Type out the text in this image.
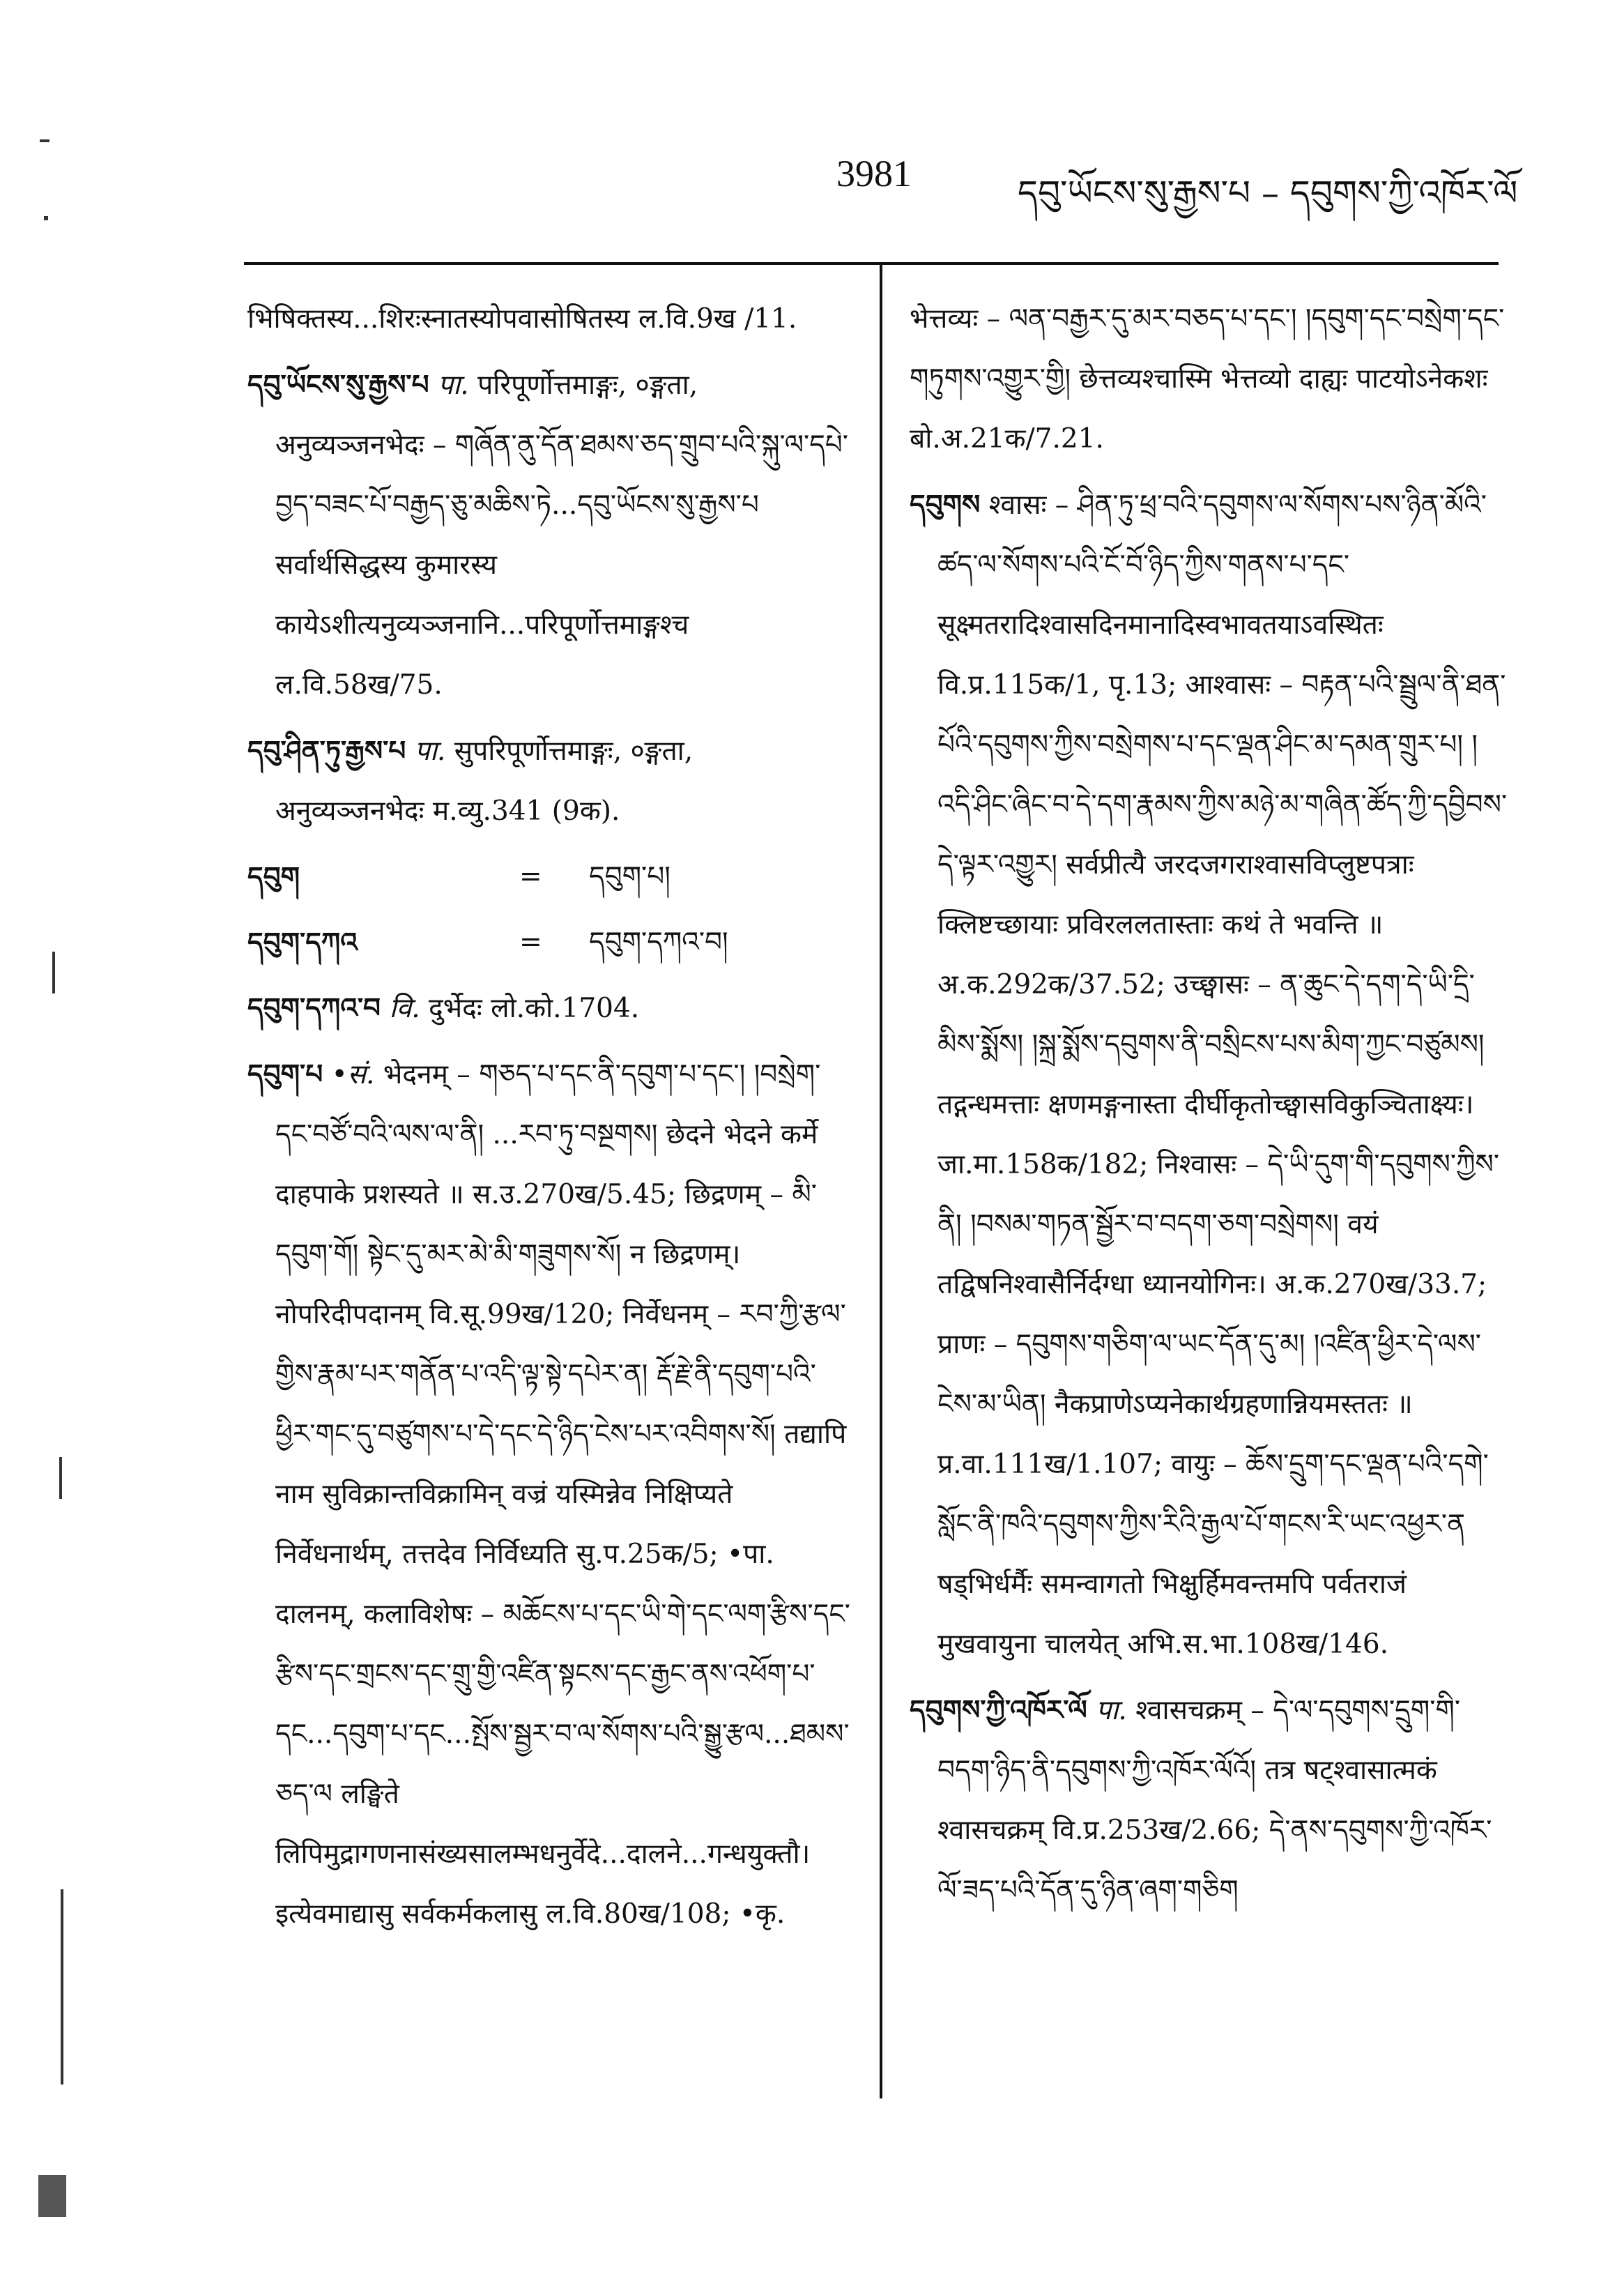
3981	དབུ་ཡོངས་སུ་རྒྱས་པ – དབུགས་ཀྱི་འཁོར་ལོ
भिषिक्तस्य...शिरःस्नातस्योपवासोषितस्य ल.वि.9ख /11.
དབུ་ཡོངས་སུ་རྒྱས་པ पा. परिपूर्णोत्तमाङ्गः, ०ङ्गता, अनुव्यञ्जनभेदः – གཞོན་ནུ་དོན་ཐམས་ཅད་གྲུབ་པའི་སྐུ་ལ་དཔེ་བྱད་བཟང་པོ་བརྒྱད་ཅུ་མཆིས་ཏེ...དབུ་ཡོངས་སུ་རྒྱས་པ सर्वार्थसिद्धस्य कुमारस्य कायेऽशीत्यनुव्यञ्जनानि...परिपूर्णोत्तमाङ्गश्च ल.वि.58ख/75.
དབུ་ཤིན་ཏུ་རྒྱས་པ पा. सुपरिपूर्णोत्तमाङ्गः, ०ङ्गता, अनुव्यञ्जनभेदः म.व्यु.341 (9क).
དབུག	=	དབུག་པ།
དབུག་དཀའ	=	དབུག་དཀའ་བ།
དབུག་དཀའ་བ वि. दुर्भेदः लो.को.1704.
དབུག་པ •सं. भेदनम् – གཅད་པ་དང་ནི་དབུག་པ་དང་། །བསྲེག་དང་བཙོ་བའི་ལས་ལ་ནི། ...རབ་ཏུ་བསྔགས། छेदने भेदने कर्मे दाहपाके प्रशस्यते ॥ स.उ.270ख/5.45; छिद्रणम् – མི་དབུག་གོ། སྟེང་དུ་མར་མེ་མི་གཟུགས་སོ། न छिद्रणम्। नोपरिदीपदानम् वि.सू.99ख/120; निर्वेधनम् – རབ་ཀྱི་རྩལ་གྱིས་རྣམ་པར་གནོན་པ་འདི་ལྟ་སྟེ་དཔེར་ན། རྡོ་རྗེ་ནི་དབུག་པའི་ཕྱིར་གང་དུ་བཙུགས་པ་དེ་དང་དེ་ཉིད་ངེས་པར་འབིགས་སོ། तद्यापि नाम सुविक्रान्तविक्रामिन् वज्रं यस्मिन्नेव निक्षिप्यते निर्वेधनार्थम्, तत्तदेव निर्विध्यति सु.प.25क/5; •पा. दालनम्, कलाविशेषः – མཆོངས་པ་དང་ཡི་གེ་དང་ལག་རྩིས་དང་རྩིས་དང་གྲངས་དང་གྲུ་གྱི་འཛིན་སྟངས་དང་རྒྱང་ནས་འཕོག་པ་དང...དབུག་པ་དང...སྤོས་སྦྱར་བ་ལ་སོགས་པའི་སྒྱུ་རྩལ...ཐམས་ཅད་ལ लङ्घिते लिपिमुद्रागणनासंख्यसालम्भधनुर्वेदे...दालने...गन्धयुक्तौ। इत्येवमाद्यासु सर्वकर्मकलासु ल.वि.80ख/108; •कृ.
भेत्तव्यः – ལན་བརྒྱར་དུ་མར་བཅད་པ་དང་། །དབུག་དང་བསྲེག་དང་གཏུགས་འགྱུར་གྱི། छेत्तव्यश्चास्मि भेत्तव्यो दाह्यः पाटयोऽनेकशः बो.अ.21क/7.21.
དབུགས श्वासः – ཤིན་ཏུ་ཕྲ་བའི་དབུགས་ལ་སོགས་པས་ཉིན་མོའི་ཚད་ལ་སོགས་པའི་ངོ་བོ་ཉིད་ཀྱིས་གནས་པ་དང་ सूक्ष्मतरादिश्वासदिनमानादिस्वभावतयाऽवस्थितः वि.प्र.115क/1, पृ.13; आश्वासः – བརྟན་པའི་སྦྲུལ་ནི་ཐན་པོའི་དབུགས་ཀྱིས་བསྲེགས་པ་དང་ལྡན་ཤིང་མ་དམན་གྲུར་པ། །འདི་ཤིང་ཞིང་བ་དེ་དག་རྣམས་ཀྱིས་མཉེ་མ་གཞིན་ཚོད་ཀྱི་དབྱིབས་དེ་ལྟར་འགྱུར། सर्वप्रीत्यै जरदजगराश्वासविप्लुष्टपत्राः क्लिष्टच्छायाः प्रविरललतास्ताः कथं ते भवन्ति ॥ अ.क.292क/37.52; उच्छ्वासः – ན་ཆུང་དེ་དག་དེ་ཡི་དྲི་མིས་སྨོས། །སྐྲ་སྨོས་དབུགས་ནི་བསྲིངས་པས་མིག་ཀྱང་བཙུམས། तद्गन्धमत्ताः क्षणमङ्गनास्ता दीर्घीकृतोच्छ्वासविकुञ्चिताक्ष्यः। जा.मा.158क/182; निश्वासः – དེ་ཡི་དུག་གི་དབུགས་ཀྱིས་ནི། །བསམ་གཏན་སྦྱོར་བ་བདག་ཅག་བསྲེགས། वयं तद्विषनिश्वासैर्निर्दग्धा ध्यानयोगिनः। अ.क.270ख/33.7; प्राणः – དབུགས་གཅིག་ལ་ཡང་དོན་དུ་མ། །འཛིན་ཕྱིར་དེ་ལས་ངེས་མ་ཡིན། नैकप्राणेऽप्यनेकार्थग्रहणान्नियमस्ततः ॥ प्र.वा.111ख/1.107; वायुः – ཆོས་དྲུག་དང་ལྡན་པའི་དགེ་སློང་ནི་ཁའི་དབུགས་ཀྱིས་རིའི་རྒྱལ་པོ་གངས་རི་ཡང་འཕྱར་ན षड्भिर्धर्मैः समन्वागतो भिक्षुर्हिमवन्तमपि पर्वतराजं मुखवायुना चालयेत् अभि.स.भा.108ख/146.
དབུགས་ཀྱི་འཁོར་ལོ पा. श्वासचक्रम् – དེ་ལ་དབུགས་དྲུག་གི་བདག་ཉིད་ནི་དབུགས་ཀྱི་འཁོར་ལོའོ། तत्र षट्श्वासात्मकं श्वासचक्रम् वि.प्र.253ख/2.66; དེ་ནས་དབུགས་ཀྱི་འཁོར་ལོ་ཟད་པའི་དོན་དུ་ཉིན་ཞག་གཅིག
